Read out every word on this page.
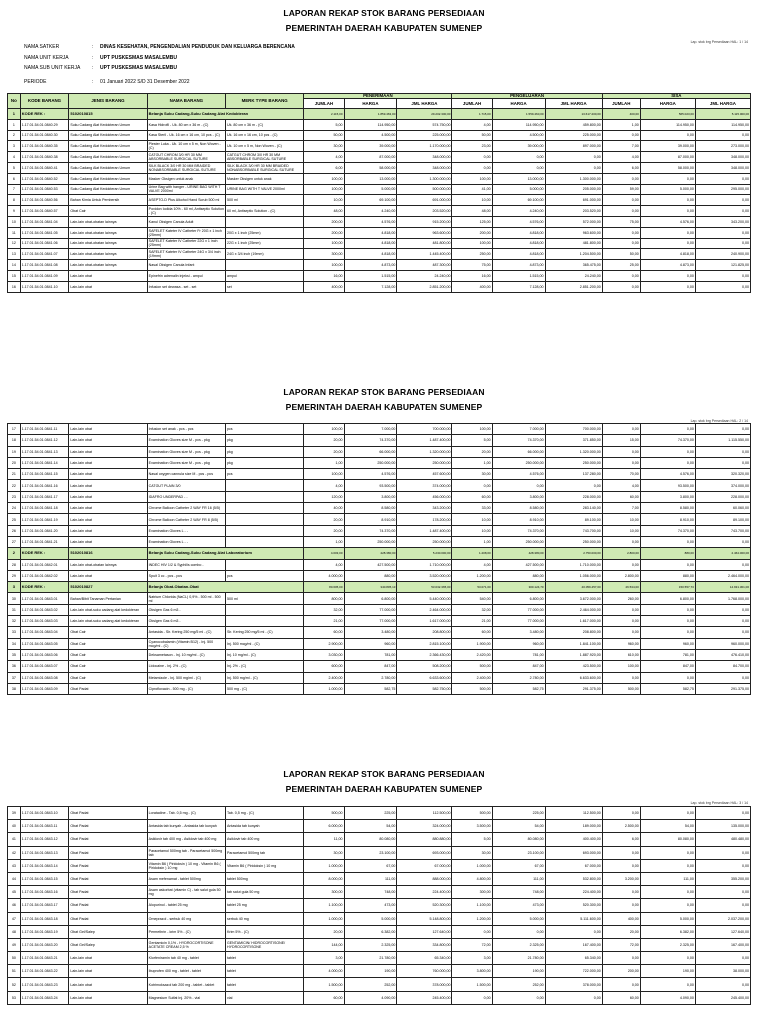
LAPORAN REKAP STOK BARANG PERSEDIAAN
PEMERINTAH DAERAH KABUPATEN SUMENEP
Lap. stok brg Persediaan HAL: 1 / 14
NAMA SATKER	:	DINAS KESEHATAN, PENGENDALIAN PENDUDUK DAN KELUARGA BERENCANA
NAMA UNIT KERJA	:	UPT PUSKESMAS MASALEMBU
NAMA SUB UNIT KERJA	:	UPT PUSKESMAS MASALEMBU
PERIODE	:	01 Januari 2022 S/D 31 Desember 2022
No	KODE BARANG	JENIS BARANG	NAMA BARANG	MERK TYPE BARANG	PENERIMAAN			PENGELUARAN			SISA		
					JUMLAH	HARGA	JML HARGA	JUMLAH	HARGA	JML HARGA	JUMLAH	HARGA	JML HARGA
1	KODE REK :	5102010815	Belanja Suku Cadang-Suku Cadang Alat Kedokteran		2.115,00	1.859.463,00	29.202.300,00	1.715,00	1.559.460,00	13.617.200,00	400,00	565.023,00	5.115.000,00
1	1.17.01.54.01.0840.29	Suku Cadang Alat Kedokteran Umum	Kasa Hidrofil - Uk. 80 cm x 36 m - (C)	Uk. 80 cm x 36 m - (C)	5,00	114.950,00	574.750,00	4,00	114.950,00	459.800,00	1,00	114.950,00	114.950,00
2	1.17.01.54.01.0840.30	Suku Cadang Alat Kedokteran Umum	Kasa Steril - Uk. 16 cm x 16 cm, 10 pcs - (C)	Uk. 16 cm x 16 cm, 10 pcs - (C)	50,00	4.500,00	225.000,00	50,00	4.500,00	225.000,00	0,00	0,00	0,00
3	1.17.01.54.01.0840.35	Suku Cadang Alat Kedokteran Umum	Plester Luka - Uk. 10 cm x 5 m, Non Woven - (C)	Uk. 10 cm x 5 m, Non Woven - (C)	30,00	39.000,00	1.170.000,00	23,00	39.000,00	897.000,00	7,00	39.000,00	273.000,00
4	1.17.01.54.01.0840.38	Suku Cadang Alat Kedokteran Umum	CATGUT CHROM 3/0 HR 30 MM ABSORBABLE SURGICAL SUTURE	CATGUT CHROM 3/0 HR 30 MM ABSORBABLE SURGICAL SUTURE	4,00	87.000,00	348.000,00	0,00	0,00	0,00	4,00	87.000,00	348.000,00
5	1.17.01.54.01.0840.41	Suku Cadang Alat Kedokteran Umum	SILK BLACK 3/0 HR 30 MM BRAIDED NONABSORBABLE SURGICAL SUTURE	SILK BLACK 3/0 HR 30 MM BRAIDED NONABSORBABLE SURGICAL SUTURE	6,00	58.000,00	348.000,00	0,00	0,00	0,00	6,00	58.000,00	348.000,00
6	1.17.01.54.01.0840.52	Suku Cadang Alat Kedokteran Umum	Masker Oksigen untuk anak	Masker Oksigen untuk anak	100,00	13.000,00	1.300.000,00	100,00	13.000,00	1.300.000,00	0,00	0,00	0,00
7	1.17.01.54.01.0840.53	Suku Cadang Alat Kedokteran Umum	Urine Bag with hanger - URINE BAG WITH T VALVE 2000ml	URINE BAG WITH T VALVE 2000ml	100,00	5.000,00	500.000,00	41,00	5.000,00	205.000,00	59,00	5.000,00	295.000,00
8	1.17.01.54.01.0840.56	Bahan Kimia Untuk Pembersih	ASEPTO-D Plus Alkohol Hand Scrub 500 ml	500 ml	10,00	69.100,00	691.000,00	10,00	69.100,00	691.000,00	0,00	0,00	0,00
9	1.17.01.54.01.0840.57	Obat Cair	Povidon Iodida 10% - 60 ml, Antiseptic Solution - (C)	60 ml, Antiseptic Solution - (C)	48,00	4.240,00	203.520,00	48,00	4.240,00	203.520,00	0,00	0,00	0,00
10	1.17.01.54.01.0841.04	Lain-lain obat-obatan lainnya	Kanul Oksigen Canula Adult		200,00	4.576,00	915.200,00	125,00	4.576,00	572.000,00	75,00	4.576,00	343.200,00
11	1.17.01.54.01.0841.05	Lain-lain obat-obatan lainnya	SAFELET Kateter IV Catheter Fr 20G x 1 inch (25mm)	20G x 1 inch (25mm)	200,00	4.818,00	963.600,00	200,00	4.818,00	963.600,00	0,00	0,00	0,00
12	1.17.01.54.01.0841.06	Lain-lain obat-obatan lainnya	SAFELET Kateter IV Catheter 22G x 1 inch (25mm)	22G x 1 inch (25mm)	100,00	4.818,00	481.800,00	100,00	4.818,00	481.800,00	0,00	0,00	0,00
13	1.17.01.54.01.0841.07	Lain-lain obat-obatan lainnya	SAFELET Kateter IV Catheter 24G x 3/4 inch (19mm)	24G x 3/4 inch (19mm)	300,00	4.818,00	1.445.400,00	250,00	4.818,00	1.204.500,00	50,00	4.818,00	240.900,00
14	1.17.01.54.01.0841.08	Lain-lain obat-obatan lainnya	Nasal Oksigen Canula Infant		100,00	4.873,00	487.300,00	75,00	4.873,00	365.475,00	25,00	4.873,00	121.825,00
15	1.17.01.54.01.0841.09	Lain-lain obat	Epinefrin adrenalin injeksi - ampul	ampul	16,00	1.515,00	24.240,00	16,00	1.515,00	24.240,00	0,00	0,00	0,00
16	1.17.01.54.01.0841.10	Lain-lain obat	Infusion set dewasa - set - set	set	400,00	7.128,00	2.851.200,00	400,00	7.128,00	2.851.200,00	0,00	0,00	0,00
LAPORAN REKAP STOK BARANG PERSEDIAAN
PEMERINTAH DAERAH KABUPATEN SUMENEP
Lap. stok brg Persediaan HAL: 2 / 14
17	1.17.01.54.01.0841.11	Lain-lain obat	Infusion set anak - pcs - pcs	pcs	100,00	7.000,00	700.000,00	100,00	7.000,00	700.000,00	0,00	0,00	0,00
18	1.17.01.54.01.0841.12	Lain-lain obat	Examination Gloves size M - pcs - pkg	pkg	20,00	74.370,00	1.487.400,00	5,00	74.370,00	371.850,00	15,00	74.370,00	1.115.550,00
19	1.17.01.54.01.0841.13	Lain-lain obat	Examination Gloves size M - pcs - pkg	pkg	20,00	66.000,00	1.320.000,00	20,00	66.000,00	1.320.000,00	0,00	0,00	0,00
20	1.17.01.54.01.0841.14	Lain-lain obat	Examination Gloves size M - pcs - pkg	pkg	1,00	250.000,00	250.000,00	1,00	250.000,00	250.000,00	0,00	0,00	0,00
21	1.17.01.54.01.0841.15	Lain-lain obat	Nasal oxygen cannula size M - pcs - pcs	pcs	100,00	4.576,00	457.600,00	30,00	4.576,00	137.280,00	70,00	4.576,00	320.320,00
22	1.17.01.54.01.0841.16	Lain-lain obat	CATGUT PLAIN 3/0		4,00	93.500,00	374.000,00	0,00	0,00	0,00	4,00	93.500,00	374.000,00
23	1.17.01.54.01.0841.17	Lain-lain obat	IDAFRO UNDERPAD - -		120,00	3.800,00	456.000,00	60,00	3.800,00	228.000,00	60,00	3.800,00	228.000,00
24	1.17.01.54.01.0841.18	Lain-lain obat	Chrome Balloon Catheter 2 WAY FR 16 (5/5)		40,00	8.580,00	343.200,00	33,00	8.580,00	283.140,00	7,00	8.580,00	60.060,00
25	1.17.01.54.01.0841.19	Lain-lain obat	Chrome Balloon Catheter 2 WAY FR 8 (5/5)		20,00	8.910,00	178.200,00	10,00	8.910,00	89.100,00	10,00	8.910,00	89.100,00
26	1.17.01.54.01.0841.20	Lain-lain obat	Examination Gloves L - -		20,00	74.370,00	1.487.400,00	10,00	74.370,00	743.700,00	10,00	74.370,00	743.700,00
27	1.17.01.54.01.0841.21	Lain-lain obat	Examination Gloves L - -		1,00	250.000,00	250.000,00	1,00	250.000,00	250.000,00	0,00	0,00	0,00
2	KODE REK :	5102010816	Belanja Suku Cadang-Suku Cadang Alat Laboratorium		4.003,00	428.380,00	5.230.000,00	1.208,00	428.380,00	2.750.000,00	2.800,00	880,00	2.464.000,00
28	1.17.01.54.01.0842.01	Lain-lain obat-obatan lainnya	INDEC HIV 1/2 & Syphilis combo -		4,00	427.500,00	1.710.000,00	4,00	427.500,00	1.710.000,00	0,00	0,00	0,00
29	1.17.01.54.01.0842.02	Lain-lain obat	Spuit 3 cc - pcs - pcs	pcs	4.000,00	880,00	3.520.000,00	1.200,00	880,00	1.056.000,00	2.800,00	880,00	2.464.000,00
3	KODE REK :	5102010827	Belanja Obat-Obatan-Obat		80.605,00	340.805,13	53.032.365,00	53.071,00	300.124,70	40.059.457,00	26.534,00	150.557,73	14.931.301,00
30	1.17.01.54.01.0843.01	Bahan/Bibit Tanaman Pertanian	Natrium Chlorida (NaCL) 0,9% - 500 ml - 500 ml	500 ml	800,00	6.800,00	5.440.000,00	540,00	6.800,00	3.672.000,00	260,00	6.800,00	1.768.000,00
31	1.17.01.54.01.0843.02	Lain-lain obat-suku cadang alat kedokteran	Oksigen Gas 6 m3 -		32,00	77.000,00	2.464.000,00	32,00	77.000,00	2.464.000,00	0,00	0,00	0,00
32	1.17.01.54.01.0843.03	Lain-lain obat-suku cadang alat kedokteran	Oksigen Gas 6 m3 -		21,00	77.000,00	1.617.000,00	21,00	77.000,00	1.617.000,00	0,00	0,00	0,00
33	1.17.01.54.01.0843.04	Obat Cair	Antasida - Sir. Kering 250 mg/5 ml - (C)	Sir. Kering 250 mg/5 ml - (C)	60,00	3.480,00	208.800,00	60,00	3.480,00	208.800,00	0,00	0,00	0,00
34	1.17.01.54.01.0843.05	Obat Cair	Cyanocobalamin (Vitamin B12) - Inj. 500 mcg/ml - (C)	Inj. 500 mcg/ml - (C)	2.900,00	960,00	2.815.100,00	1.900,00	960,00	1.841.100,00	960,00	960,00	960.000,00
35	1.17.01.54.01.0843.06	Obat Cair	Deksametason - Inj. 10 mg/ml - (C)	Inj. 10 mg/ml - (C)	3.030,00	781,00	2.366.430,00	2.420,00	781,00	1.887.920,00	610,00	781,00	476.410,00
36	1.17.01.54.01.0843.07	Obat Cair	Lidocaine - Inj. 2% - (C)	Inj. 2% - (C)	600,00	847,00	508.200,00	500,00	847,00	423.500,00	100,00	847,00	84.700,00
37	1.17.01.54.01.0843.08	Obat Cair	Metamizole - Inj. 500 mg/ml - (C)	Inj. 500 mg/ml - (C)	2.400,00	2.780,00	6.633.600,00	2.400,00	2.780,00	6.633.600,00	0,00	0,00	0,00
38	1.17.01.54.01.0843.09	Obat Padat	Ciprofloxacin - 500 mg - (C)	500 mg - (C)	1.000,00	582,75	582.750,00	500,00	582,75	291.375,00	500,00	582,75	291.375,00
LAPORAN REKAP STOK BARANG PERSEDIAAN
PEMERINTAH DAERAH KABUPATEN SUMENEP
Lap. stok brg Persediaan HAL: 3 / 14
39	1.17.01.54.01.0843.10	Obat Padat	Loratadine - Tab. 0,5 mg - (C)	Tab. 0,5 mg - (C)	500,00	225,00	112.500,00	500,00	225,00	112.500,00	0,00	0,00	0,00
40	1.17.01.54.01.0843.11	Obat Padat	Antasida tab kunyah - Antasida tab kunyah	Antasida tab kunyah	6.000,00	54,00	324.000,00	3.500,00	54,00	189.000,00	2.500,00	54,00	135.000,00
41	1.17.01.54.01.0843.12	Obat Padat	Asiklovir tab 400 mg - Asiklovir tab 400 mg	Asiklovir tab 400 mg	11,00	80.080,00	880.880,00	5,00	80.080,00	400.400,00	6,00	80.080,00	480.480,00
42	1.17.01.54.01.0843.13	Obat Padat	Paracetamol 500mg tab - Paracetamol 500mg tab	Paracetamol 500mg tab	30,00	23.100,00	693.000,00	30,00	23.100,00	693.000,00	0,00	0,00	0,00
43	1.17.01.54.01.0843.14	Obat Padat	Vitamin B6 ( Piridoksin ) 10 mg - Vitamin B6 ( Piridoksin ) 10 mg	Vitamin B6 ( Piridoksin ) 10 mg	1.000,00	67,00	67.000,00	1.000,00	67,00	67.000,00	0,00	0,00	0,00
44	1.17.01.54.01.0843.15	Obat Padat	Asam mefenamat - tablet 500mg	tablet 500mg	8.000,00	111,00	888.000,00	4.800,00	111,00	532.800,00	3.200,00	111,00	355.200,00
45	1.17.01.54.01.0843.16	Obat Padat	Asam askorbat (vitamin C) - tab salut gula 50 mg	tab salut gula 50 mg	300,00	748,00	224.400,00	300,00	748,00	224.400,00	0,00	0,00	0,00
46	1.17.01.54.01.0843.17	Obat Padat	Alopurinol - tablet 25 mg	tablet 25 mg	1.100,00	473,00	520.300,00	1.100,00	473,00	520.300,00	0,00	0,00	0,00
47	1.17.01.54.01.0843.18	Obat Padat	Omeprazol - serbuk 40 mg	serbuk 40 mg	1.000,00	5.000,00	5.148.800,00	1.200,00	5.000,00	5.111.600,00	400,00	5.000,00	2.037.200,00
48	1.17.01.54.01.0843.19	Obat Gel/Salep	Permethrin - krim 5% - (C)	Krim 5% - (C)	20,00	6.382,00	127.640,00	0,00	0,00	0,00	20,00	6.382,00	127.640,00
49	1.17.01.54.01.0843.20	Obat Gel/Salep	Gentamicin 0,1% - HYDROCORTISONE ACETATE CREAM 2,5 %	GENTAMICIN/ HIDROCORTISONE/ HYDROCORTISONE	144,00	2.325,00	334.800,00	72,00	2.325,00	167.400,00	72,00	2.325,00	167.400,00
50	1.17.01.54.01.0843.21	Lain-lain obat	Klorfeniramin tab 40 mg - tablet	tablet	3,00	21.780,00	65.340,00	3,00	21.780,00	65.340,00	0,00	0,00	0,00
51	1.17.01.54.01.0843.22	Lain-lain obat	Ibuprofen 400 mg - tablet - tablet	tablet	4.000,00	190,00	760.000,00	3.800,00	190,00	722.000,00	200,00	190,00	38.000,00
52	1.17.01.54.01.0843.23	Lain-lain obat	Kotrimoksazol tab 200 mg - tablet - tablet	tablet	1.500,00	252,00	378.000,00	1.500,00	252,00	378.000,00	0,00	0,00	0,00
53	1.17.01.54.01.0843.24	Lain-lain obat	Magnesium Sulfat Inj. 20% - vial	vial	60,00	4.090,00	245.400,00	0,00	0,00	0,00	60,00	4.090,00	245.400,00
